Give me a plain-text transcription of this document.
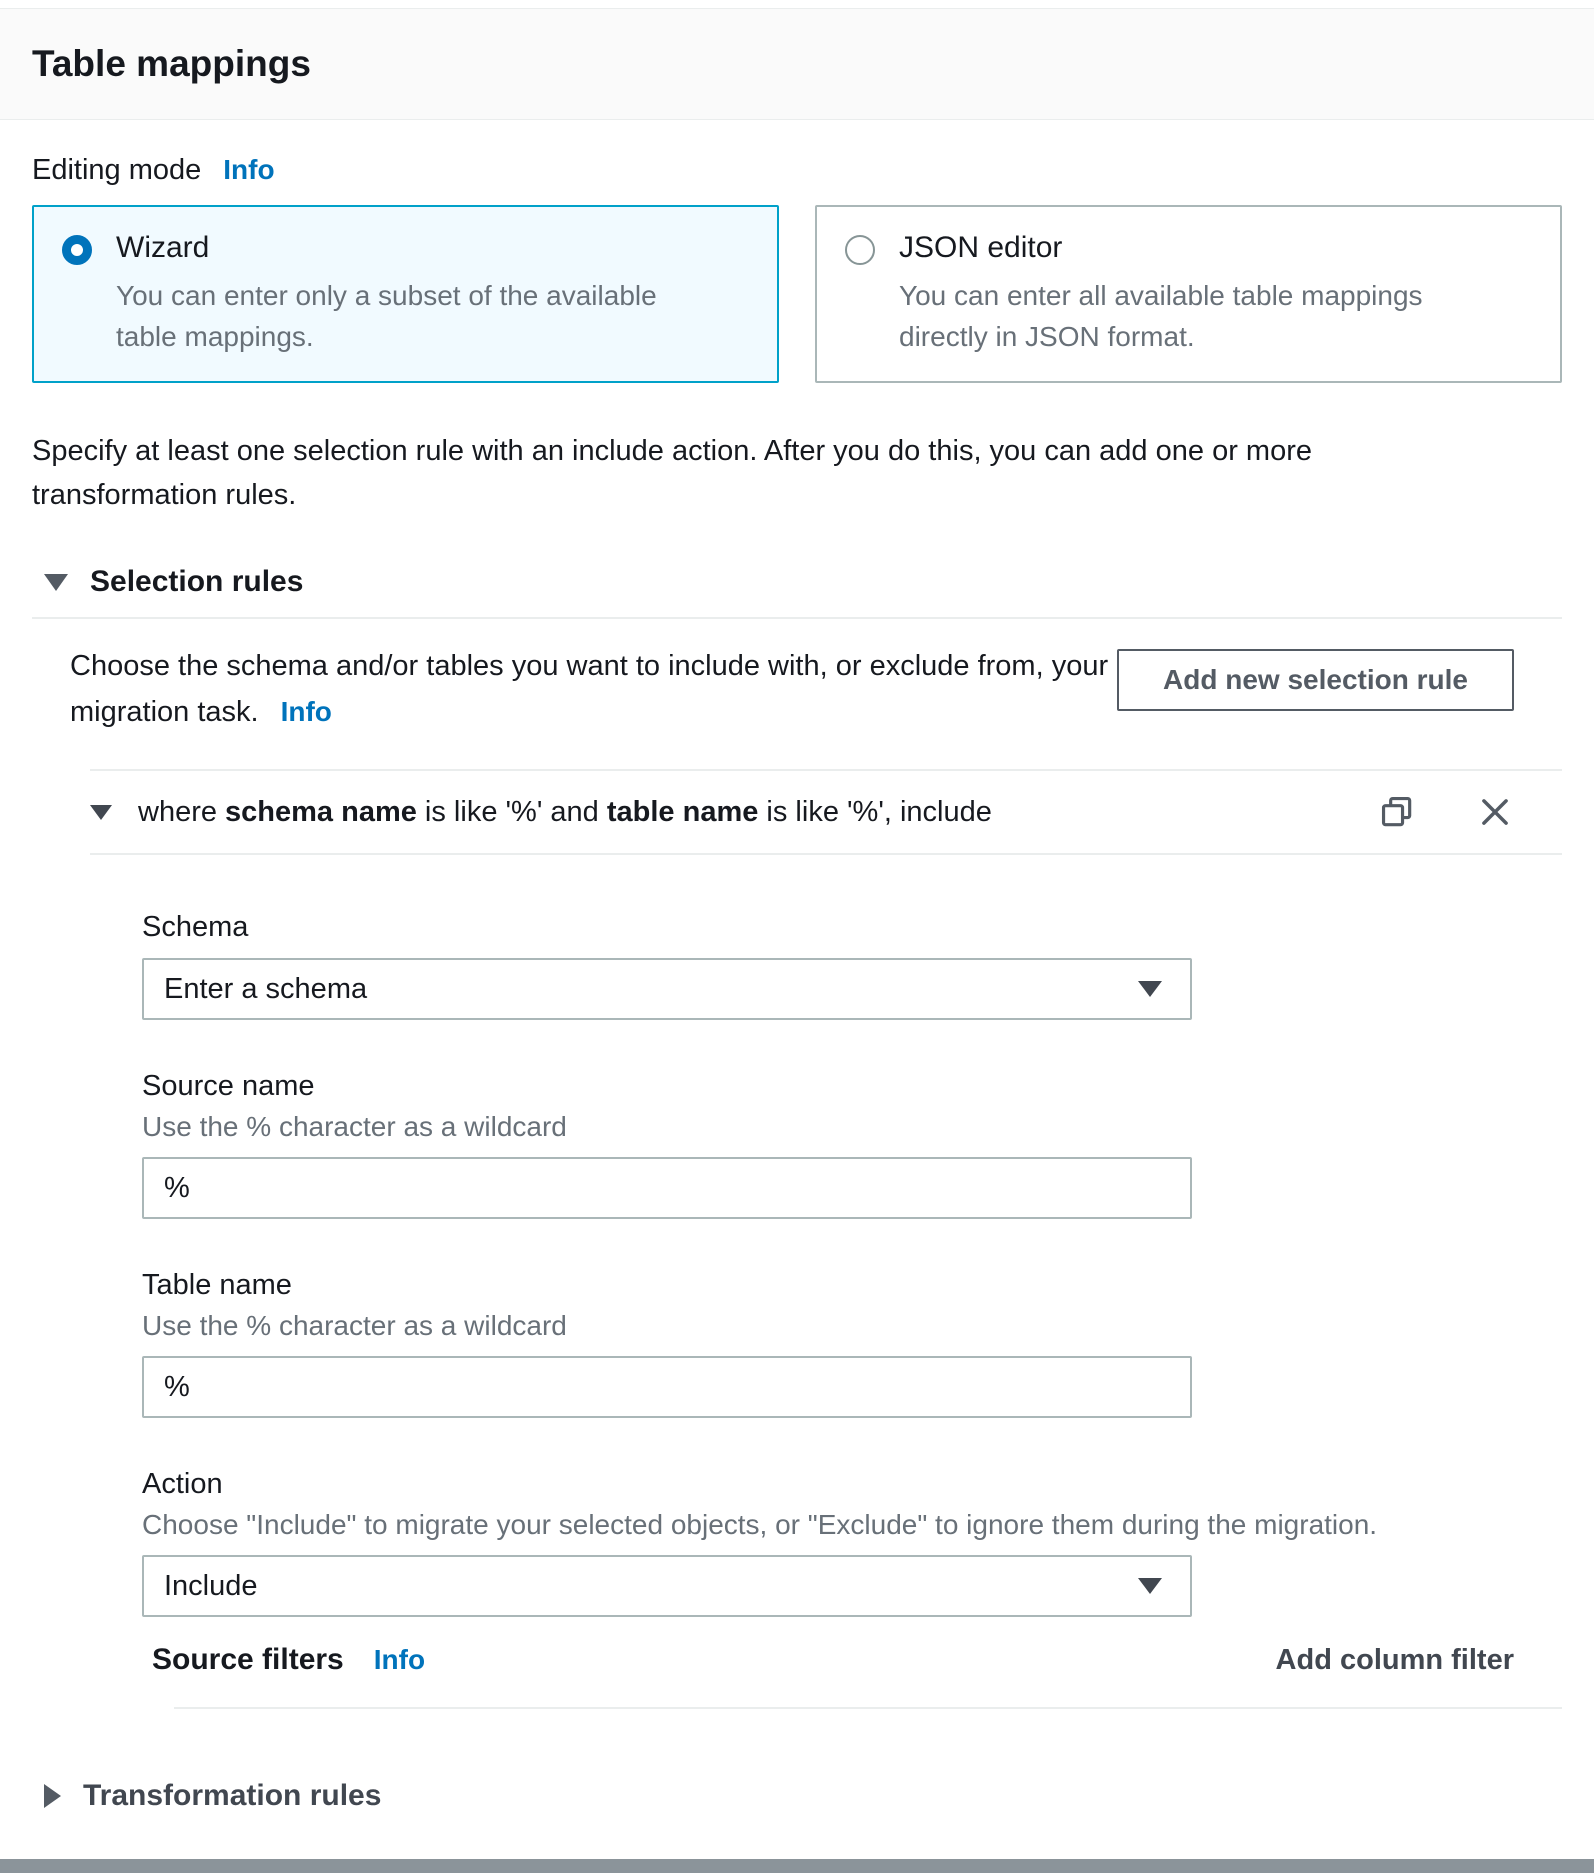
Table mappings
Editing mode Info
Wizard
You can enter only a subset of the available table mappings.
JSON editor
You can enter all available table mappings directly in JSON format.

Specify at least one selection rule with an include action. After you do this, you can add one or more transformation rules.

Selection rules

Choose the schema and/or tables you want to include with, or exclude from, your migration task. Info

Add new selection rule
where schema name is like '%' and table name is like '%', include
Schema
Enter a schema
Source name
Use the % character as a wildcard
%
Table name
Use the % character as a wildcard
%
Action
Choose "Include" to migrate your selected objects, or "Exclude" to ignore them during the migration.
Include
Source filters Info	Add column filter
Transformation rules
